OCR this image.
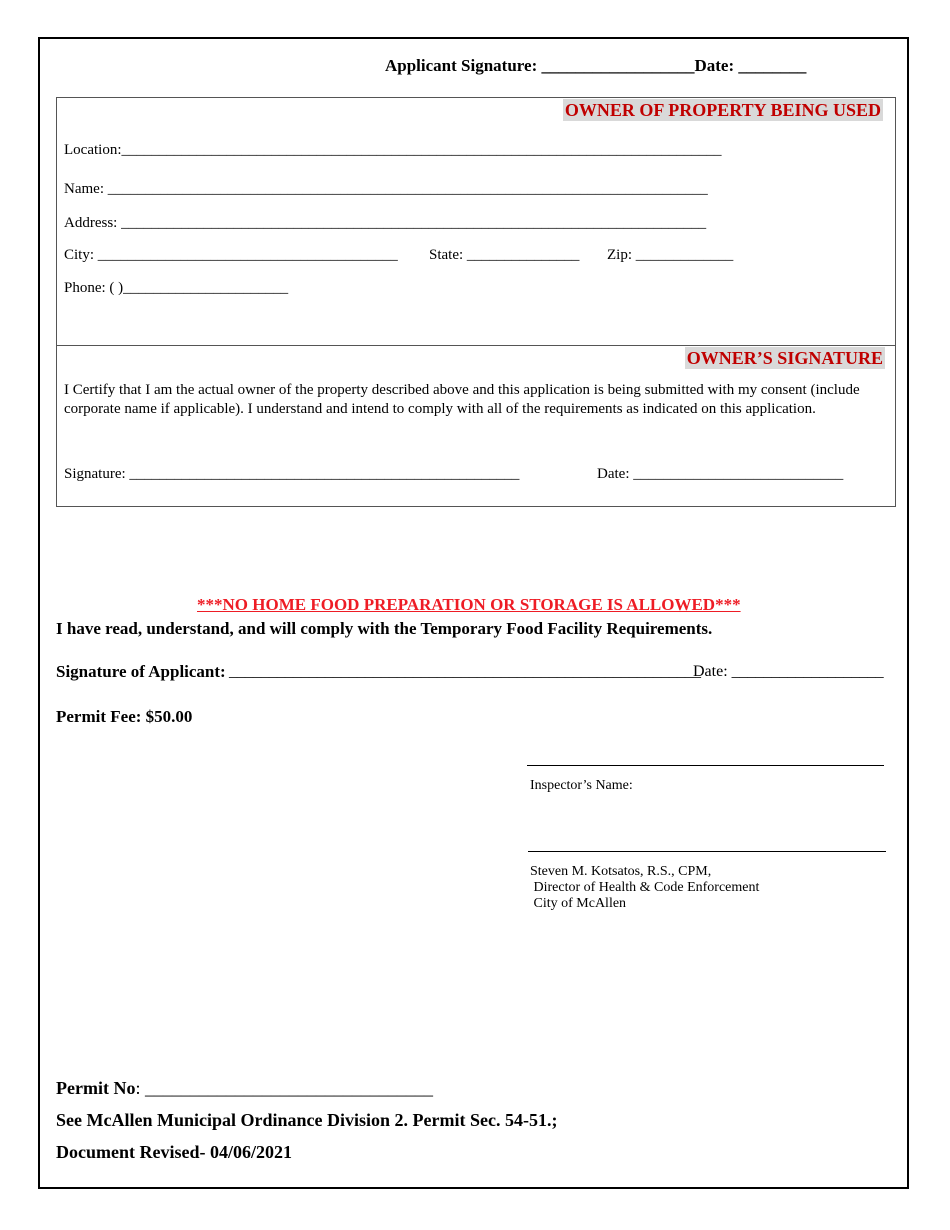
Applicant Signature: __________________Date: ________
OWNER OF PROPERTY BEING USED
Location:________________________________________________________________________________
Name: ________________________________________________________________________________
Address: ______________________________________________________________________________
City: ________________________________________ State: _______________ Zip: _____________
Phone: ( )______________________
OWNER’S SIGNATURE
I Certify that I am the actual owner of the property described above and this application is being submitted with my consent (include corporate name if applicable). I understand and intend to comply with all of the requirements as indicated on this application.
Signature: ____________________________________________________	Date: ____________________________
***NO HOME FOOD PREPARATION OR STORAGE IS ALLOWED***
I have read, understand, and will comply with the Temporary Food Facility Requirements.
Signature of Applicant: ___________________________________________________________
Date: ___________________
Permit Fee: $50.00
Inspector’s Name:
Steven M. Kotsatos, R.S., CPM,
Director of Health & Code Enforcement
City of McAllen
Permit No: ________________________________
See McAllen Municipal Ordinance Division 2. Permit Sec. 54-51.;
Document Revised- 04/06/2021
